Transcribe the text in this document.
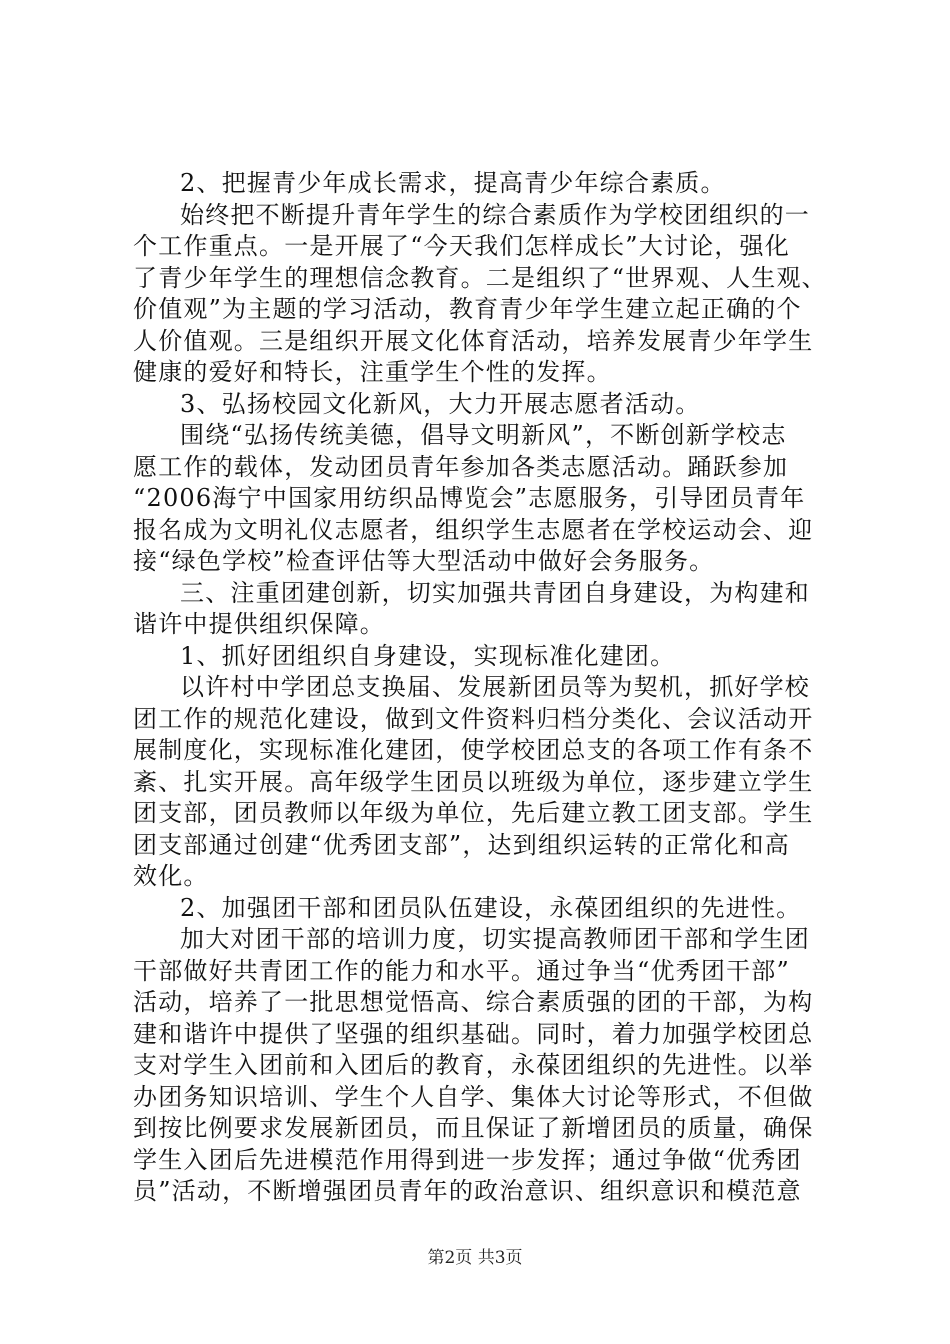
2、把握青少年成长需求，提高青少年综合素质。
始终把不断提升青年学生的综合素质作为学校团组织的一
个工作重点。一是开展了“今天我们怎样成长”大讨论，强化
了青少年学生的理想信念教育。二是组织了“世界观、人生观、
价值观”为主题的学习活动，教育青少年学生建立起正确的个
人价值观。三是组织开展文化体育活动，培养发展青少年学生
健康的爱好和特长，注重学生个性的发挥。
3、弘扬校园文化新风，大力开展志愿者活动。
围绕“弘扬传统美德，倡导文明新风”，不断创新学校志
愿工作的载体，发动团员青年参加各类志愿活动。踊跃参加
“2006海宁中国家用纺织品博览会”志愿服务，引导团员青年
报名成为文明礼仪志愿者，组织学生志愿者在学校运动会、迎
接“绿色学校”检查评估等大型活动中做好会务服务。
三、注重团建创新，切实加强共青团自身建设，为构建和
谐许中提供组织保障。
1、抓好团组织自身建设，实现标准化建团。
以许村中学团总支换届、发展新团员等为契机，抓好学校
团工作的规范化建设，做到文件资料归档分类化、会议活动开
展制度化，实现标准化建团，使学校团总支的各项工作有条不
紊、扎实开展。高年级学生团员以班级为单位，逐步建立学生
团支部，团员教师以年级为单位，先后建立教工团支部。学生
团支部通过创建“优秀团支部”，达到组织运转的正常化和高
效化。
2、加强团干部和团员队伍建设，永葆团组织的先进性。
加大对团干部的培训力度，切实提高教师团干部和学生团
干部做好共青团工作的能力和水平。通过争当“优秀团干部”
活动，培养了一批思想觉悟高、综合素质强的团的干部，为构
建和谐许中提供了坚强的组织基础。同时，着力加强学校团总
支对学生入团前和入团后的教育，永葆团组织的先进性。以举
办团务知识培训、学生个人自学、集体大讨论等形式，不但做
到按比例要求发展新团员，而且保证了新增团员的质量，确保
学生入团后先进模范作用得到进一步发挥；通过争做“优秀团
第2页 共3页
员”活动，不断增强团员青年的政治意识、组织意识和模范意
